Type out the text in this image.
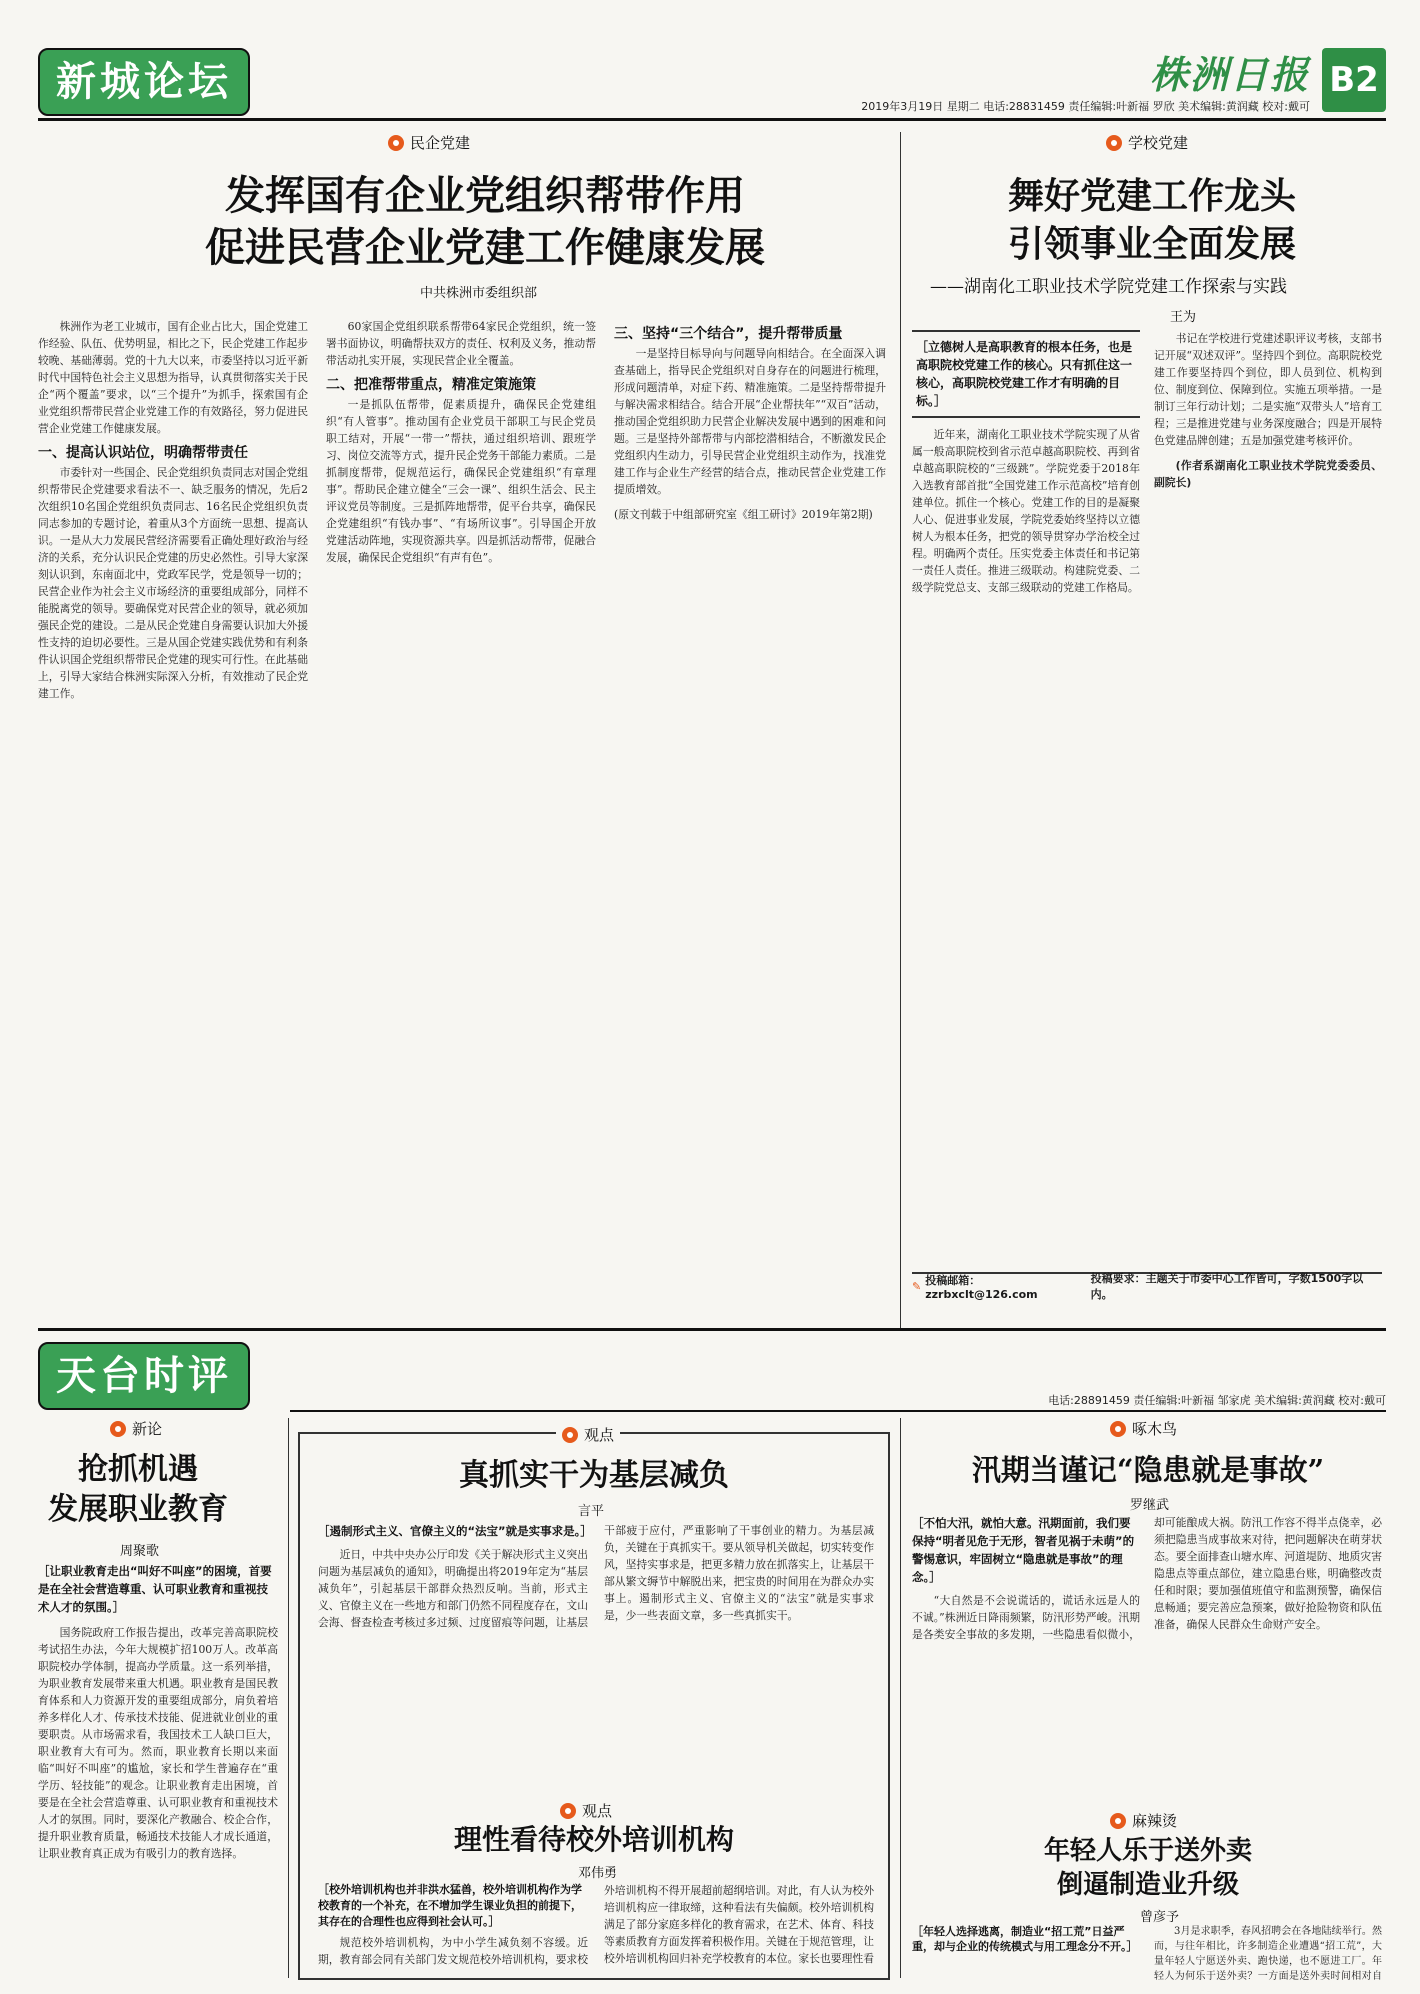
新城论坛	株洲日报 B2
2019年3月19日 星期二 电话:28831459 责任编辑:叶新福 罗欣 美术编辑:黄润藏 校对:戴可
民企党建
发挥国有企业党组织帮带作用
促进民营企业党建工作健康发展
中共株洲市委组织部

株洲作为老工业城市，国有企业占比大，国企党建工作经验、队伍、优势明显，相比之下，民企党建工作起步较晚、基础薄弱。党的十九大以来，市委坚持以习近平新时代中国特色社会主义思想为指导，认真贯彻落实关于民企“两个覆盖”要求，以“三个提升”为抓手，探索国有企业党组织帮带民营企业党建工作的有效路径，努力促进民营企业党建工作健康发展。

一、提高认识站位，明确帮带责任

市委针对一些国企、民企党组织负责同志对国企党组织帮带民企党建要求看法不一、缺乏服务的情况，先后2次组织10名国企党组织负责同志、16名民企党组织负责同志参加的专题讨论，着重从3个方面统一思想、提高认识。一是从大力发展民营经济需要看正确处理好政治与经济的关系，充分认识民企党建的历史必然性。引导大家深刻认识到，东南面北中，党政军民学，党是领导一切的；民营企业作为社会主义市场经济的重要组成部分，同样不能脱离党的领导。要确保党对民营企业的领导，就必须加强民企党的建设。二是从民企党建自身需要认识加大外援性支持的迫切必要性。三是从国企党建实践优势和有利条件认识国企党组织帮带民企党建的现实可行性。在此基础上，引导大家结合株洲实际深入分析，有效推动了民企党建工作。

60家国企党组织联系帮带64家民企党组织，统一签署书面协议，明确帮扶双方的责任、权利及义务，推动帮带活动扎实开展，实现民营企业全覆盖。

二、把准帮带重点，精准定策施策

一是抓队伍帮带，促素质提升，确保民企党建组织“有人管事”。推动国有企业党员干部职工与民企党员职工结对，开展“一带一”帮扶，通过组织培训、跟班学习、岗位交流等方式，提升民企党务干部能力素质。二是抓制度帮带，促规范运行，确保民企党建组织“有章理事”。帮助民企建立健全“三会一课”、组织生活会、民主评议党员等制度。三是抓阵地帮带，促平台共享，确保民企党建组织“有钱办事”、“有场所议事”。引导国企开放党建活动阵地，实现资源共享。四是抓活动帮带，促融合发展，确保民企党组织“有声有色”。

三、坚持“三个结合”，提升帮带质量

一是坚持目标导向与问题导向相结合。在全面深入调查基础上，指导民企党组织对自身存在的问题进行梳理，形成问题清单，对症下药、精准施策。二是坚持帮带提升与解决需求相结合。结合开展“企业帮扶年”“双百”活动，推动国企党组织助力民营企业解决发展中遇到的困难和问题。三是坚持外部帮带与内部挖潜相结合，不断激发民企党组织内生动力，引导民营企业党组织主动作为，找准党建工作与企业生产经营的结合点，推动民营企业党建工作提质增效。

(原文刊载于中组部研究室《组工研讨》2019年第2期)

学校党建
舞好党建工作龙头
引领事业全面发展
——湖南化工职业技术学院党建工作探索与实践
王为
［立德树人是高职教育的根本任务，也是高职院校党建工作的核心。只有抓住这一核心，高职院校党建工作才有明确的目标。］

近年来，湖南化工职业技术学院实现了从省属一般高职院校到省示范卓越高职院校、再到省卓越高职院校的“三级跳”。学院党委于2018年入选教育部首批“全国党建工作示范高校”培育创建单位。抓住一个核心。党建工作的目的是凝聚人心、促进事业发展，学院党委始终坚持以立德树人为根本任务，把党的领导贯穿办学治校全过程。明确两个责任。压实党委主体责任和书记第一责任人责任。推进三级联动。构建院党委、二级学院党总支、支部三级联动的党建工作格局。

书记在学校进行党建述职评议考核，支部书记开展“双述双评”。坚持四个到位。高职院校党建工作要坚持四个到位，即人员到位、机构到位、制度到位、保障到位。实施五项举措。一是制订三年行动计划；二是实施“双带头人”培育工程；三是推进党建与业务深度融合；四是开展特色党建品牌创建；五是加强党建考核评价。

(作者系湖南化工职业技术学院党委委员、副院长)

✎ 投稿邮箱：zzrbxclt@126.com
投稿要求：主题关于市委中心工作皆可，字数1500字以内。
天台时评
电话:28891459 责任编辑:叶新福 邹家虎 美术编辑:黄润藏 校对:戴可
新论
抢抓机遇
发展职业教育
周聚歌
［让职业教育走出“叫好不叫座”的困境，首要是在全社会营造尊重、认可职业教育和重视技术人才的氛围。］

国务院政府工作报告提出，改革完善高职院校考试招生办法，今年大规模扩招100万人。改革高职院校办学体制，提高办学质量。这一系列举措，为职业教育发展带来重大机遇。职业教育是国民教育体系和人力资源开发的重要组成部分，肩负着培养多样化人才、传承技术技能、促进就业创业的重要职责。从市场需求看，我国技术工人缺口巨大，职业教育大有可为。然而，职业教育长期以来面临“叫好不叫座”的尴尬，家长和学生普遍存在“重学历、轻技能”的观念。让职业教育走出困境，首要是在全社会营造尊重、认可职业教育和重视技术人才的氛围。同时，要深化产教融合、校企合作，提升职业教育质量，畅通技术技能人才成长通道，让职业教育真正成为有吸引力的教育选择。

观点
真抓实干为基层减负
言平
［遏制形式主义、官僚主义的“法宝”就是实事求是。］

近日，中共中央办公厅印发《关于解决形式主义突出问题为基层减负的通知》，明确提出将2019年定为“基层减负年”，引起基层干部群众热烈反响。当前，形式主义、官僚主义在一些地方和部门仍然不同程度存在，文山会海、督查检查考核过多过频、过度留痕等问题，让基层干部疲于应付，严重影响了干事创业的精力。为基层减负，关键在于真抓实干。要从领导机关做起，切实转变作风，坚持实事求是，把更多精力放在抓落实上，让基层干部从繁文缛节中解脱出来，把宝贵的时间用在为群众办实事上。遏制形式主义、官僚主义的“法宝”就是实事求是，少一些表面文章，多一些真抓实干。

观点
理性看待校外培训机构
邓伟勇
［校外培训机构也并非洪水猛兽，校外培训机构作为学校教育的一个补充，在不增加学生课业负担的前提下，其存在的合理性也应得到社会认可。］

规范校外培训机构，为中小学生减负刻不容缓。近期，教育部会同有关部门发文规范校外培训机构，要求校外培训机构不得开展超前超纲培训。对此，有人认为校外培训机构应一律取缔，这种看法有失偏颇。校外培训机构满足了部分家庭多样化的教育需求，在艺术、体育、科技等素质教育方面发挥着积极作用。关键在于规范管理，让校外培训机构回归补充学校教育的本位。家长也要理性看

啄木鸟
汛期当谨记“隐患就是事故”
罗继武
［不怕大汛，就怕大意。汛期面前，我们要保持“明者见危于无形，智者见祸于未萌”的警惕意识，牢固树立“隐患就是事故”的理念。］

“大自然是不会说谎话的，谎话永远是人的不诚。”株洲近日降雨频繁，防汛形势严峻。汛期是各类安全事故的多发期，一些隐患看似微小，却可能酿成大祸。防汛工作容不得半点侥幸，必须把隐患当成事故来对待，把问题解决在萌芽状态。要全面排查山塘水库、河道堤防、地质灾害隐患点等重点部位，建立隐患台账，明确整改责任和时限；要加强值班值守和监测预警，确保信息畅通；要完善应急预案，做好抢险物资和队伍准备，确保人民群众生命财产安全。

麻辣烫
年轻人乐于送外卖
倒逼制造业升级
曾彦予
［年轻人选择逃离，制造业“招工荒”日益严重，却与企业的传统模式与用工理念分不开。］

3月是求职季，春风招聘会在各地陆续举行。然而，与往年相比，许多制造企业遭遇“招工荒”，大量年轻人宁愿送外卖、跑快递，也不愿进工厂。年轻人为何乐于送外卖？一方面是送外卖时间相对自
